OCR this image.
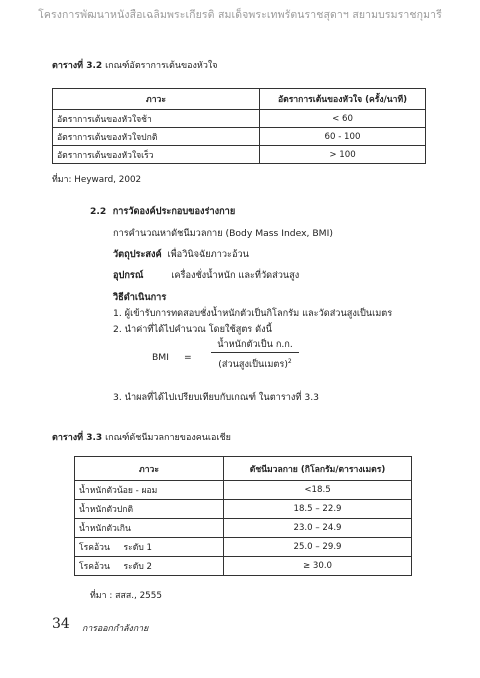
โครงการพัฒนาหนังสือเฉลิมพระเกียรติ สมเด็จพระเทพรัตนราชสุดาฯ สยามบรมราชกุมารี
ตารางที่ 3.2 เกณฑ์อัตราการเต้นของหัวใจ
ภาวะ	อัตราการเต้นของหัวใจ (ครั้ง/นาที)
อัตราการเต้นของหัวใจช้า	< 60
อัตราการเต้นของหัวใจปกติ	60 - 100
อัตราการเต้นของหัวใจเร็ว	> 100
ที่มา: Heyward, 2002
2.2 การวัดองค์ประกอบของร่างกาย
การคำนวณหาดัชนีมวลกาย (Body Mass Index, BMI)
วัตถุประสงค์ เพื่อวินิจฉัยภาวะอ้วน
อุปกรณ์	เครื่องชั่งน้ำหนัก และที่วัดส่วนสูง
วิธีดำเนินการ
1. ผู้เข้ารับการทดสอบชั่งน้ำหนักตัวเป็นกิโลกรัม และวัดส่วนสูงเป็นเมตร
2. นำค่าที่ได้ไปคำนวณ โดยใช้สูตร ดังนี้
BMI =
น้ำหนักตัวเป็น ก.ก.
(ส่วนสูงเป็นเมตร)$^2$
3. นำผลที่ได้ไปเปรียบเทียบกับเกณฑ์ ในตารางที่ 3.3
ตารางที่ 3.3 เกณฑ์ดัชนีมวลกายของคนเอเชีย
ภาวะ	ดัชนีมวลกาย (กิโลกรัม/ตารางเมตร)
น้ำหนักตัวน้อย - ผอม	<18.5
น้ำหนักตัวปกติ	18.5 – 22.9
น้ำหนักตัวเกิน	23.0 – 24.9
โรคอ้วน     ระดับ 1	25.0 – 29.9
โรคอ้วน     ระดับ 2	≥ 30.0
ที่มา : สสส., 2555
34 การออกกำลังกาย
